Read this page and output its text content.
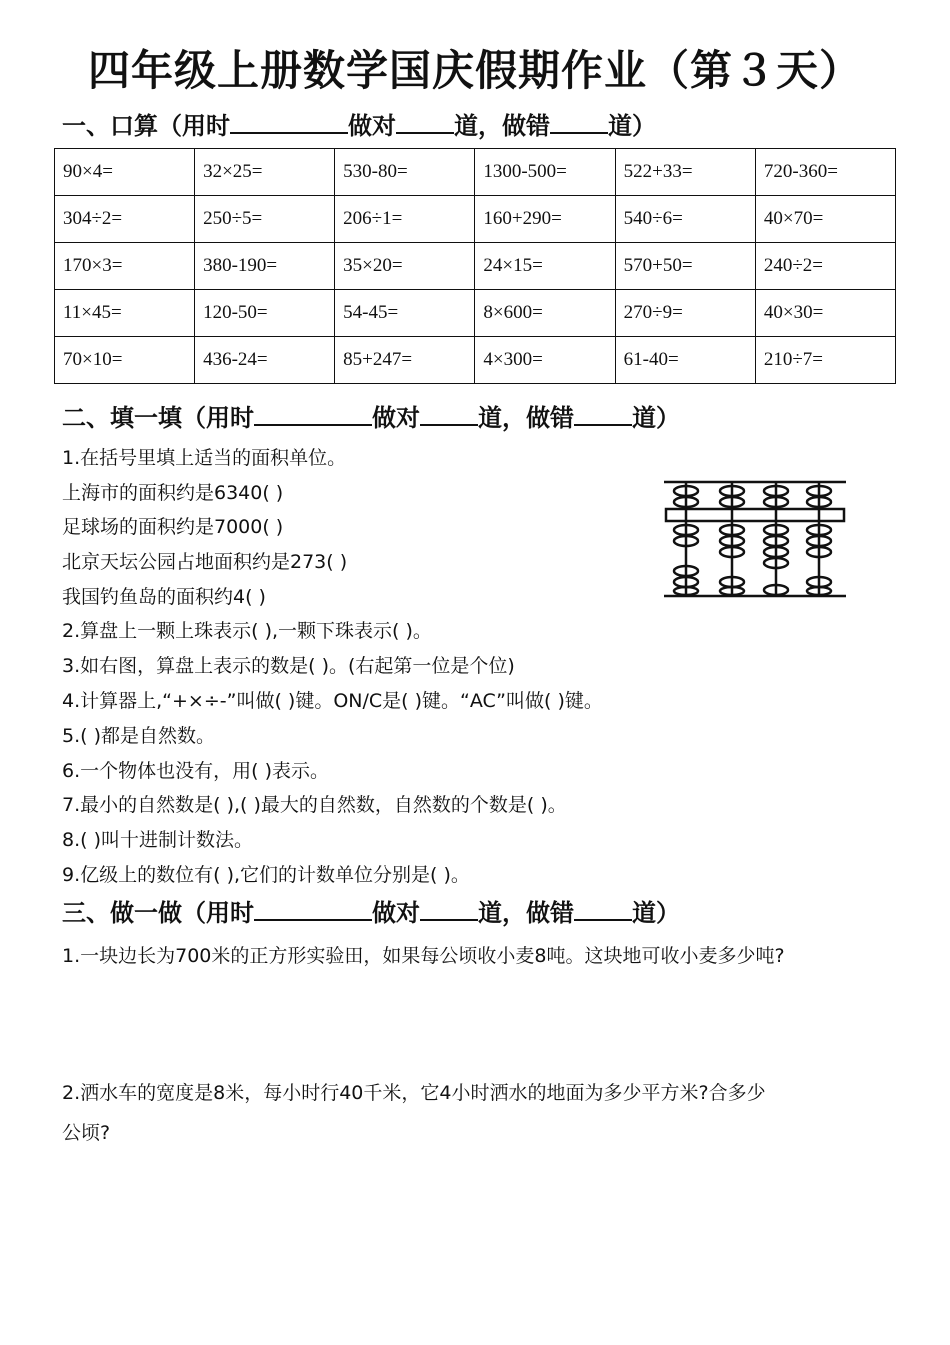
四年级上册数学国庆假期作业（第３天）
一、口算（用时	做对 道，做错 道）
90×4=	32×25=	530-80=	1300-500=	522+33=	720-360=
304÷2=	250÷5=	206÷1=	160+290=	540÷6=	40×70=
170×3=	380-190=	35×20=	24×15=	570+50=	240÷2=
11×45=	120-50=	54-45=	8×600=	270÷9=	40×30=
70×10=	436-24=	85+247=	4×300=	61-40=	210÷7=
二、填一填（用时	做对 道，做错 道）
1.在括号里填上适当的面积单位。
上海市的面积约是6340( )
足球场的面积约是7000( )
北京天坛公园占地面积约是273( )
我国钓鱼岛的面积约4( )
2.算盘上一颗上珠表示( ),一颗下珠表示( )。
3.如右图，算盘上表示的数是( )。(右起第一位是个位)
4.计算器上,“+×÷-”叫做( )键。ON/C是( )键。“AC”叫做( )键。
5.( )都是自然数。
6.一个物体也没有，用( )表示。
7.最小的自然数是( ),( )最大的自然数，自然数的个数是( )。
8.( )叫十进制计数法。
9.亿级上的数位有( ),它们的计数单位分别是( )。
三、做一做（用时	做对 道，做错 道）
1.一块边长为700米的正方形实验田，如果每公顷收小麦8吨。这块地可收小麦多少吨?
2.洒水车的宽度是8米，每小时行40千米，它4小时洒水的地面为多少平方米?合多少
公顷?
